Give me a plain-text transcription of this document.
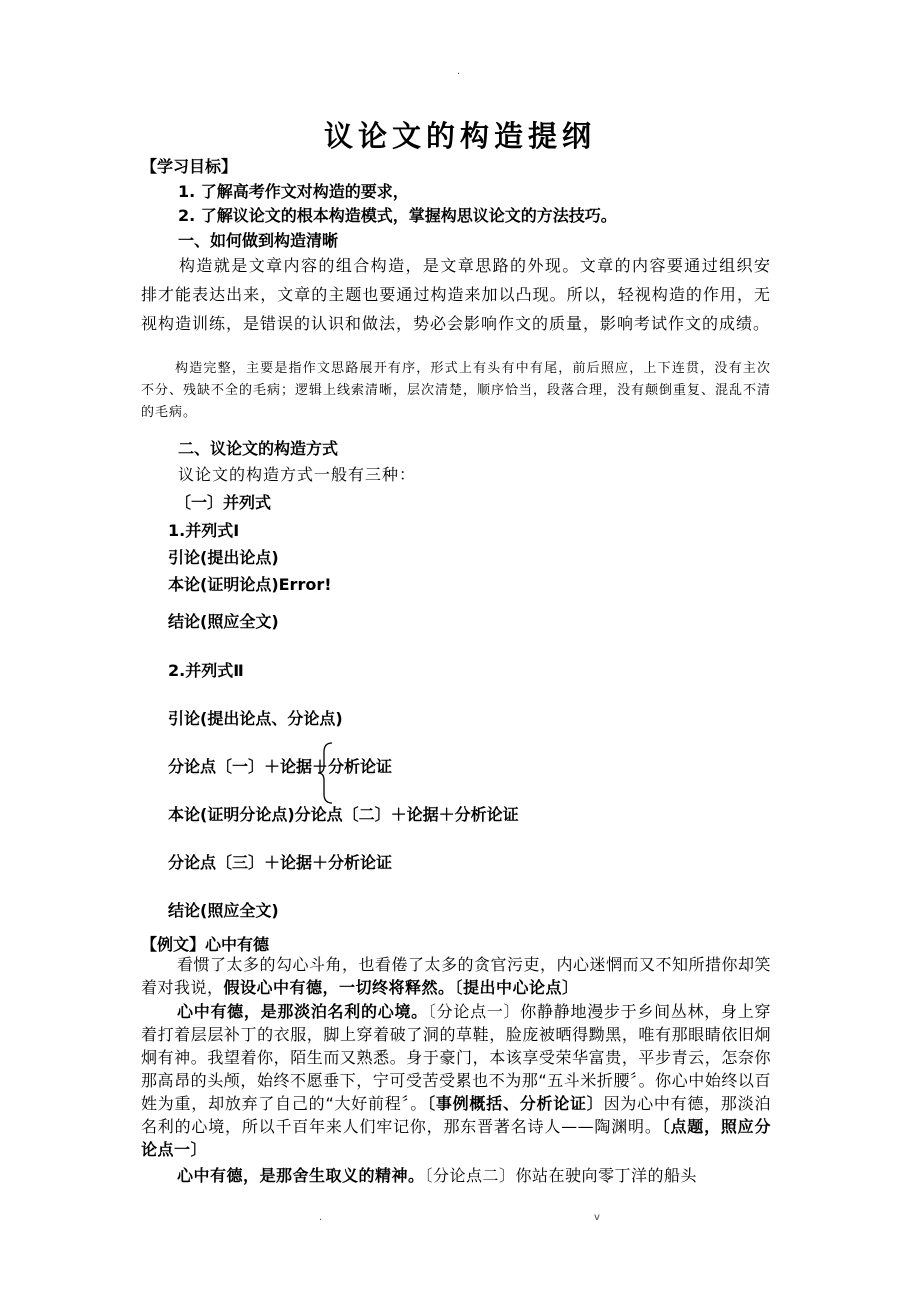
.
议论文的构造提纲
【学习目标】
1. 了解高考作文对构造的要求，
2. 了解议论文的根本构造模式，掌握构思议论文的方法技巧。
一、如何做到构造清晰
构造就是文章内容的组合构造，是文章思路的外现。文章的内容要通过组织安排才能表达出来，文章的主题也要通过构造来加以凸现。所以，轻视构造的作用，无视构造训练，是错误的认识和做法，势必会影响作文的质量，影响考试作文的成绩。
构造完整，主要是指作文思路展开有序，形式上有头有中有尾，前后照应，上下连贯，没有主次不分、残缺不全的毛病；逻辑上线索清晰，层次清楚，顺序恰当，段落合理，没有颠倒重复、混乱不清的毛病。
二、议论文的构造方式
议论文的构造方式一般有三种：
〔一〕并列式
1.并列式Ⅰ
引论(提出论点)
本论(证明论点)Error!
结论(照应全文)
2.并列式Ⅱ
引论(提出论点、分论点)
分论点〔一〕＋论据＋分析论证
本论(证明分论点)分论点〔二〕＋论据＋分析论证
分论点〔三〕＋论据＋分析论证
结论(照应全文)
【例文】心中有德
看惯了太多的勾心斗角，也看倦了太多的贪官污吏，内心迷惘而又不知所措你却笑着对我说，假设心中有德，一切终将释然。〔提出中心论点〕
心中有德，是那淡泊名利的心境。〔分论点一〕你静静地漫步于乡间丛林，身上穿着打着层层补丁的衣服，脚上穿着破了洞的草鞋，脸庞被晒得黝黑，唯有那眼睛依旧炯炯有神。我望着你，陌生而又熟悉。身于豪门，本该享受荣华富贵，平步青云，怎奈你那高昂的头颅，始终不愿垂下，宁可受苦受累也不为那“五斗米折腰〞。你心中始终以百姓为重，却放弃了自己的“大好前程〞。〔事例概括、分析论证〕因为心中有德，那淡泊名利的心境，所以千百年来人们牢记你，那东晋著名诗人——陶渊明。〔点题，照应分论点一〕
心中有德，是那舍生取义的精神。〔分论点二〕你站在驶向零丁洋的船头
.	v
